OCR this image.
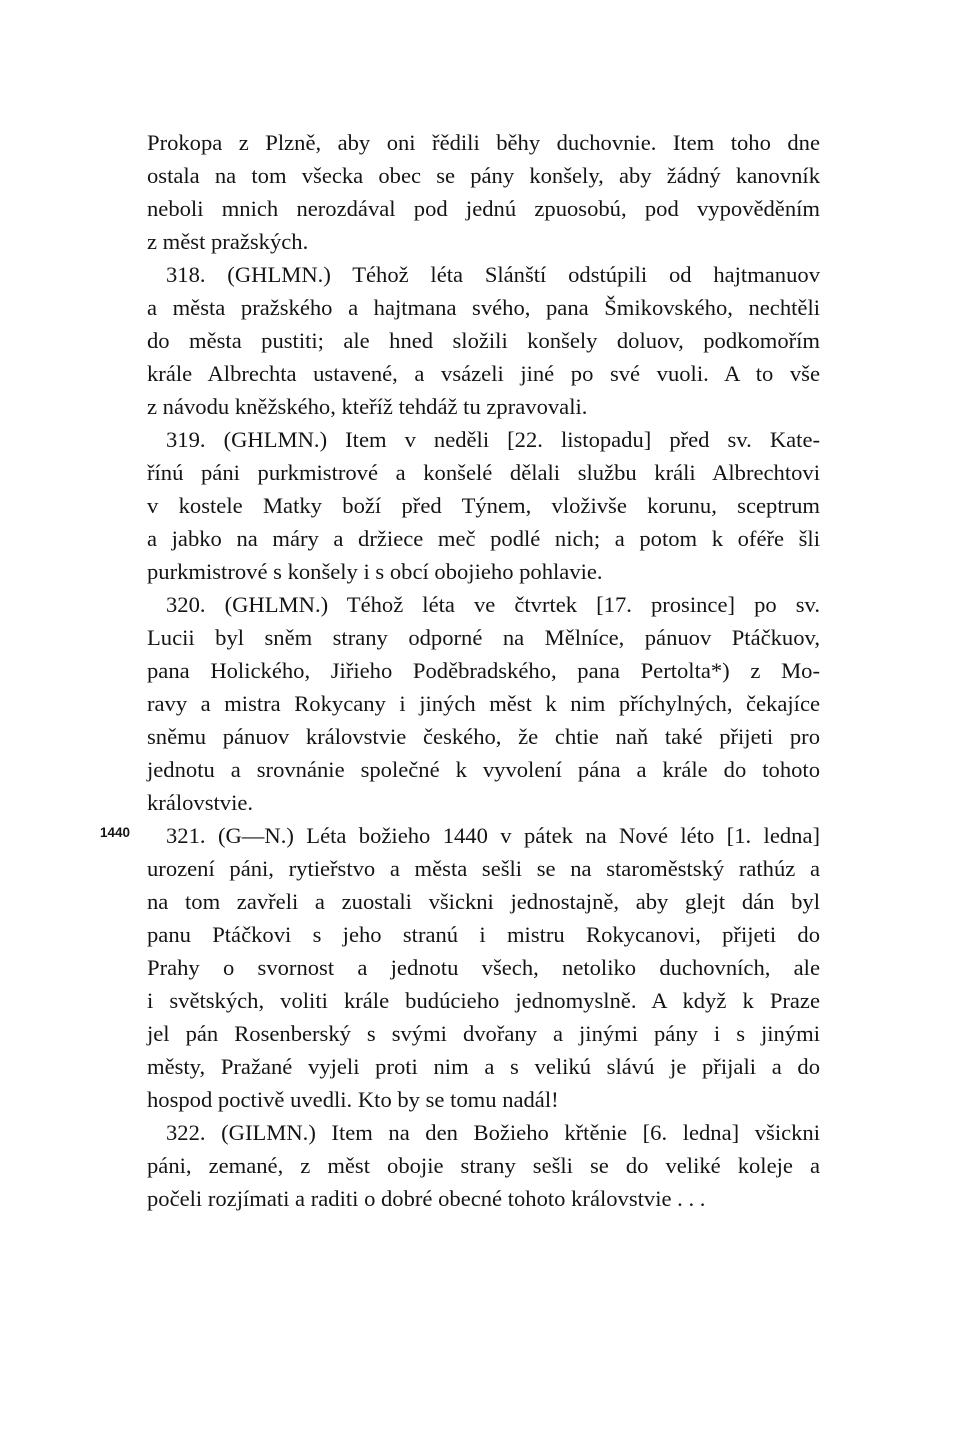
Prokopa z Plzně, aby oni řědili běhy duchovnie. Item toho dne
ostala na tom všecka obec se pány konšely, aby žádný kanovník
neboli mnich nerozdával pod jednú zpuosobú, pod vypověděním
z měst pražských.
318. (GHLMN.) Téhož léta Slánští odstúpili od hajtmanuov
a města pražského a hajtmana svého, pana Šmikovského, nechtěli
do města pustiti; ale hned složili konšely doluov, podkomořím
krále Albrechta ustavené, a vsázeli jiné po své vuoli. A to vše
z návodu kněžského, kteříž tehdáž tu zpravovali.
319. (GHLMN.) Item v neděli [22. listopadu] před sv. Kate-
řínú páni purkmistrové a konšelé dělali službu králi Albrechtovi
v kostele Matky boží před Týnem, vloživše korunu, sceptrum
a jabko na máry a držiece meč podlé nich; a potom k oféře šli
purkmistrové s konšely i s obcí obojieho pohlavie.
320. (GHLMN.) Téhož léta ve čtvrtek [17. prosince] po sv.
Lucii byl sněm strany odporné na Mělníce, pánuov Ptáčkuov,
pana Holického, Jiřieho Poděbradského, pana Pertolta*) z Mo-
ravy a mistra Rokycany i jiných měst k nim příchylných, čekajíce
sněmu pánuov královstvie českého, že chtie naň také přijeti pro
jednotu a srovnánie společné k vyvolení pána a krále do tohoto
královstvie.
1440 321. (G—N.) Léta božieho 1440 v pátek na Nové léto [1. ledna]
urození páni, rytieřstvo a města sešli se na staroměstský rathúz a
na tom zavřeli a zuostali všickni jednostajně, aby glejt dán byl
panu Ptáčkovi s jeho stranú i mistru Rokycanovi, přijeti do
Prahy o svornost a jednotu všech, netoliko duchovních, ale
i světských, voliti krále budúcieho jednomyslně. A když k Praze
jel pán Rosenberský s svými dvořany a jinými pány i s jinými
městy, Pražané vyjeli proti nim a s velikú slávú je přijali a do
hospod poctivě uvedli. Kto by se tomu nadál!
322. (GILMN.) Item na den Božieho křtěnie [6. ledna] všickni
páni, zemané, z měst obojie strany sešli se do veliké koleje a
počeli rozjímati a raditi o dobré obecné tohoto královstvie . . .
